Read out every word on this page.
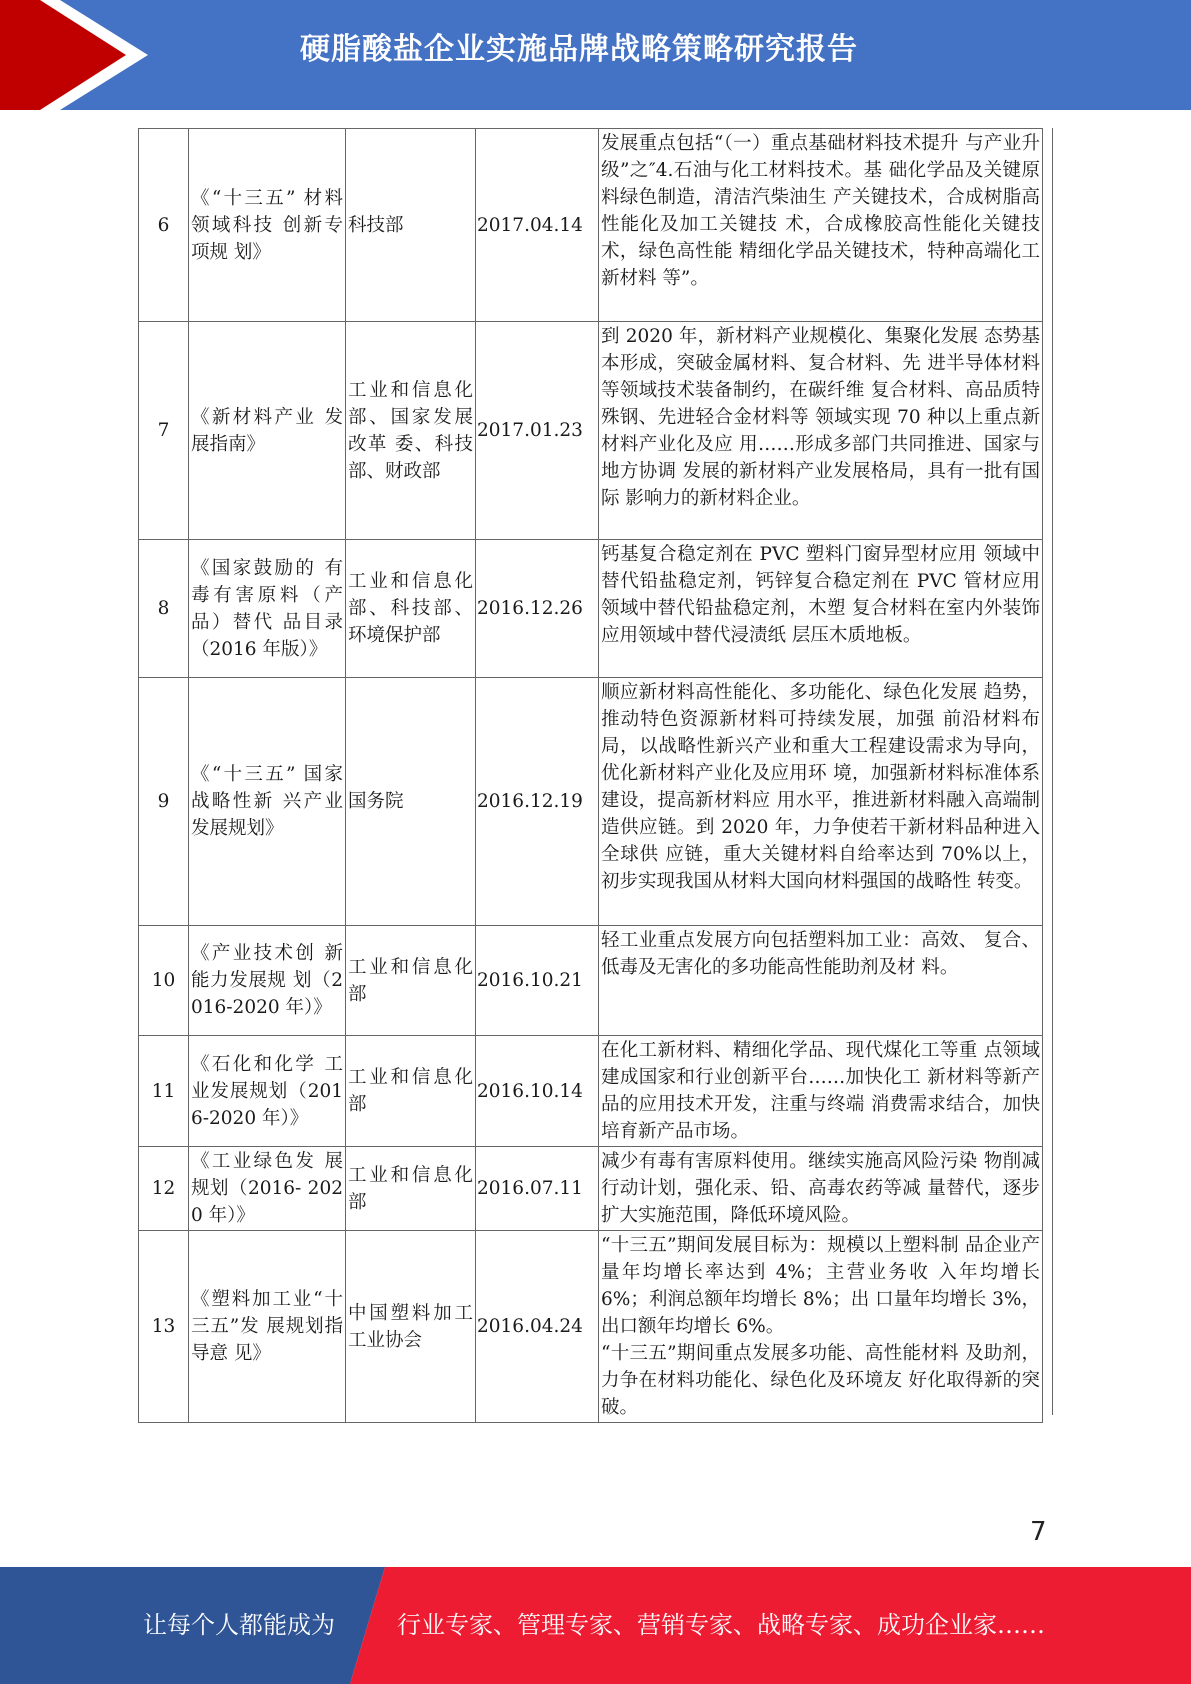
硬脂酸盐企业实施品牌战略策略研究报告
6	《“十三五” 材料领域科技 创新专项规 划》	科技部	2017.04.14	发展重点包括“（一）重点基础材料技术提升 与产业升级”之″4.石油与化工材料技术。基 础化学品及关键原料绿色制造，清洁汽柴油生 产关键技术，合成树脂高性能化及加工关键技 术，合成橡胶高性能化关键技术，绿色高性能 精细化学品关键技术，特种高端化工新材料 等”。
7	《新材料产业 发展指南》	工业和信息化部、国家发展改革 委、科技 部、财政部	2017.01.23	到 2020 年，新材料产业规模化、集聚化发展 态势基本形成，突破金属材料、复合材料、先 进半导体材料等领域技术装备制约，在碳纤维 复合材料、高品质特殊钢、先进轻合金材料等 领域实现 70 种以上重点新材料产业化及应 用……形成多部门共同推进、国家与地方协调 发展的新材料产业发展格局，具有一批有国际 影响力的新材料企业。
8	《国家鼓励的 有毒有害原料（产品）替代 品目录（2016 年版）》	工业和信息化部、科技部、环境保护部	2016.12.26	钙基复合稳定剂在 PVC 塑料门窗异型材应用 领域中替代铅盐稳定剂，钙锌复合稳定剂在 PVC 管材应用领域中替代铅盐稳定剂，木塑 复合材料在室内外装饰应用领域中替代浸渍纸 层压木质地板。
9	《“十三五” 国家战略性新 兴产业发展规划》	国务院	2016.12.19	顺应新材料高性能化、多功能化、绿色化发展 趋势，推动特色资源新材料可持续发展，加强 前沿材料布局，以战略性新兴产业和重大工程建设需求为导向，优化新材料产业化及应用环 境，加强新材料标准体系建设，提高新材料应 用水平，推进新材料融入高端制造供应链。到 2020 年，力争使若干新材料品种进入全球供 应链，重大关键材料自给率达到 70%以上， 初步实现我国从材料大国向材料强国的战略性 转变。
10	《产业技术创 新能力发展规 划（2016-2020 年）》	工业和信息化部	2016.10.21	轻工业重点发展方向包括塑料加工业：高效、 复合、低毒及无害化的多功能高性能助剂及材 料。
11	《石化和化学 工业发展规划（2016-2020 年）》	工业和信息化部	2016.10.14	在化工新材料、精细化学品、现代煤化工等重 点领域建成国家和行业创新平台……加快化工 新材料等新产品的应用技术开发，注重与终端 消费需求结合，加快培育新产品市场。
12	《工业绿色发 展规划（2016- 2020 年）》	工业和信息化部	2016.07.11	减少有毒有害原料使用。继续实施高风险污染 物削减行动计划，强化汞、铅、高毒农药等减 量替代，逐步扩大实施范围，降低环境风险。
13	《塑料加工业“十三五”发 展规划指导意 见》	中国塑料加工工业协会	2016.04.24	“十三五”期间发展目标为：规模以上塑料制 品企业产量年均增长率达到 4%；主营业务收 入年均增长 6%；利润总额年均增长 8%；出 口量年均增长 3%，出口额年均增长 6%。
“十三五”期间重点发展多功能、高性能材料 及助剂，力争在材料功能化、绿色化及环境友 好化取得新的突破。
7
让每个人都能成为	行业专家、管理专家、营销专家、战略专家、成功企业家……
